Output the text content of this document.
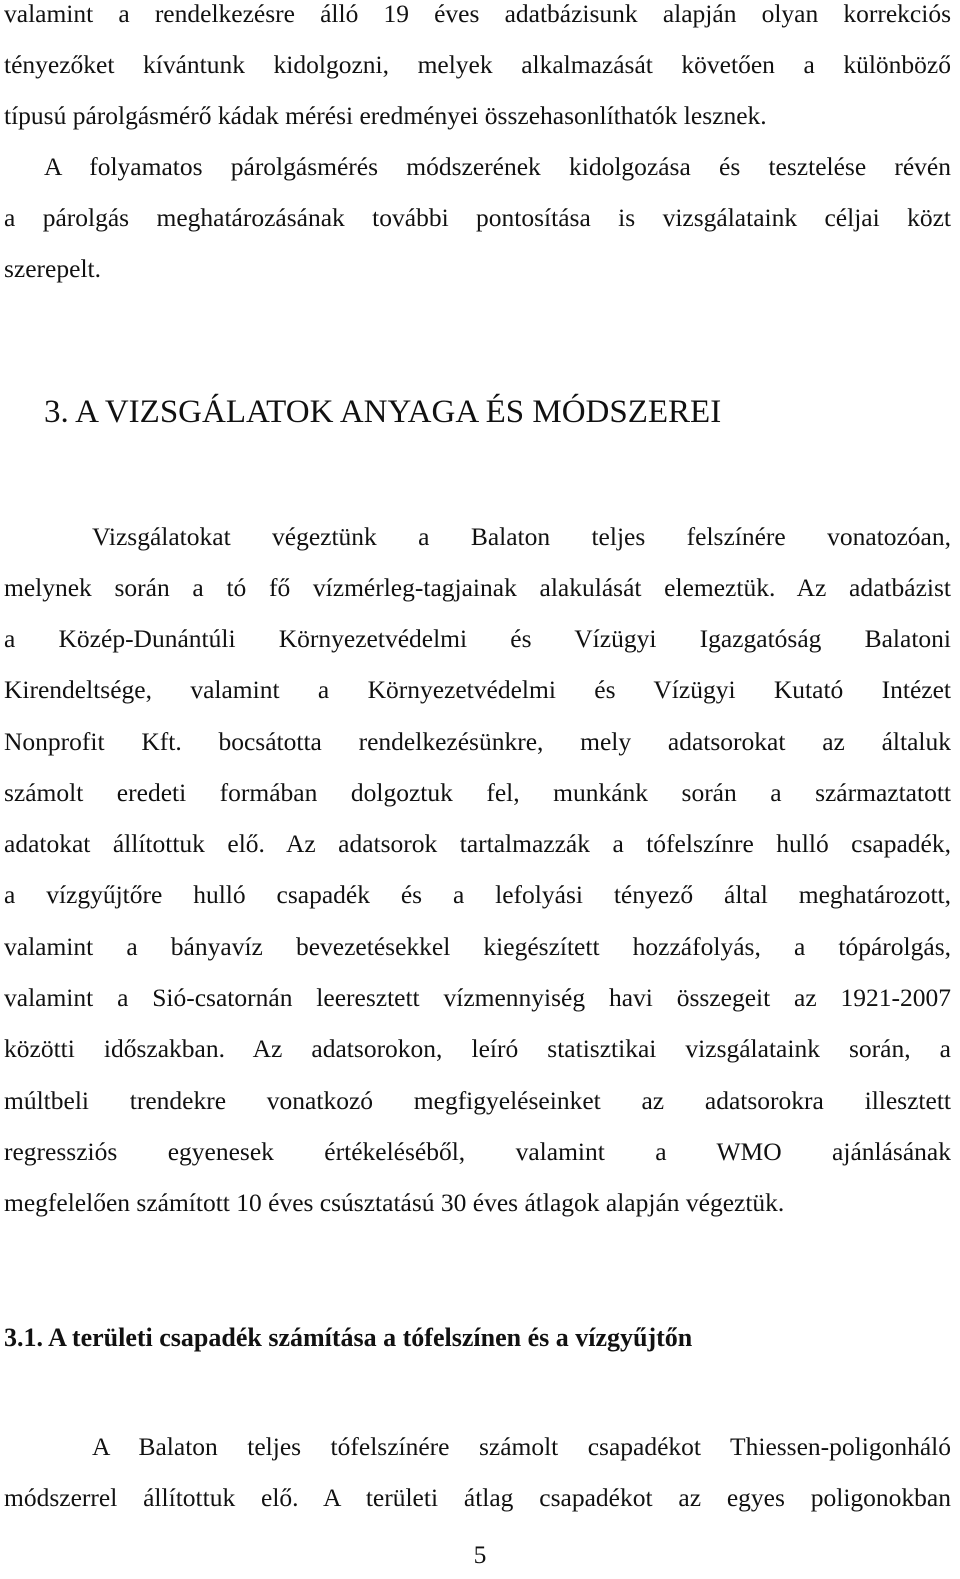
valamint a rendelkezésre álló 19 éves adatbázisunk alapján olyan korrekciós
tényezőket kívántunk kidolgozni, melyek alkalmazását követően a különböző
típusú párolgásmérő kádak mérési eredményei összehasonlíthatók lesznek.
A folyamatos párolgásmérés módszerének kidolgozása és tesztelése révén
a párolgás meghatározásának további pontosítása is vizsgálataink céljai közt
szerepelt.
3. A VIZSGÁLATOK ANYAGA ÉS MÓDSZEREI
Vizsgálatokat végeztünk a Balaton teljes felszínére vonatozóan,
melynek során a tó fő vízmérleg-tagjainak alakulását elemeztük. Az adatbázist
a Közép-Dunántúli Környezetvédelmi és Vízügyi Igazgatóság Balatoni
Kirendeltsége, valamint a Környezetvédelmi és Vízügyi Kutató Intézet
Nonprofit Kft. bocsátotta rendelkezésünkre, mely adatsorokat az általuk
számolt eredeti formában dolgoztuk fel, munkánk során a származtatott
adatokat állítottuk elő. Az adatsorok tartalmazzák a tófelszínre hulló csapadék,
a vízgyűjtőre hulló csapadék és a lefolyási tényező által meghatározott,
valamint a bányavíz bevezetésekkel kiegészített hozzáfolyás, a tópárolgás,
valamint a Sió-csatornán leeresztett vízmennyiség havi összegeit az 1921-2007
közötti időszakban. Az adatsorokon, leíró statisztikai vizsgálataink során, a
múltbeli trendekre vonatkozó megfigyeléseinket az adatsorokra illesztett
regressziós egyenesek értékeléséből, valamint a WMO ajánlásának
megfelelően számított 10 éves csúsztatású 30 éves átlagok alapján végeztük.
3.1. A területi csapadék számítása a tófelszínen és a vízgyűjtőn
A Balaton teljes tófelszínére számolt csapadékot Thiessen-poligonháló
módszerrel állítottuk elő. A területi átlag csapadékot az egyes poligonokban
5
